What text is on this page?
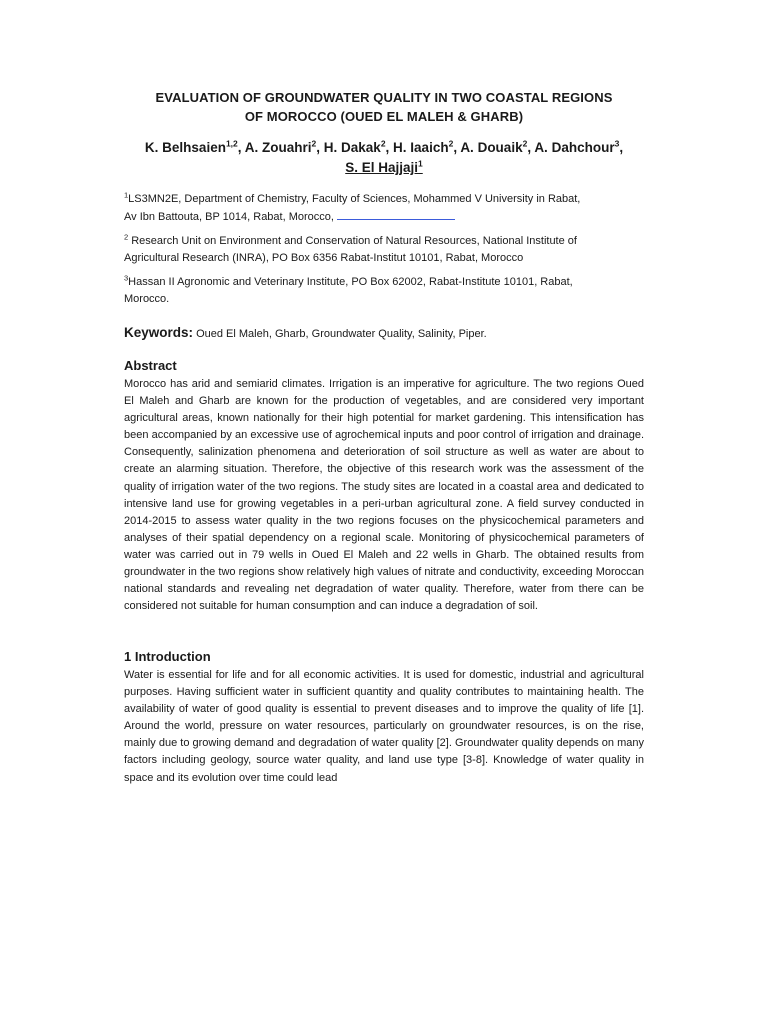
EVALUATION OF GROUNDWATER QUALITY IN TWO COASTAL REGIONS
OF MOROCCO (OUED EL MALEH & GHARB)
K. Belhsaien$^{1,2}$, A. Zouahri$^2$, H. Dakak$^2$, H. Iaaich$^2$, A. Douaik$^2$, A. Dahchour$^3$,
S. El Hajjaji$^1$
$^1$LS3MN2E, Department of Chemistry, Faculty of Sciences, Mohammed V University in Rabat,
Av Ibn Battouta, BP 1014, Rabat, Morocco,
$^2$ Research Unit on Environment and Conservation of Natural Resources, National Institute of
Agricultural Research (INRA), PO Box 6356 Rabat-Institut 10101, Rabat, Morocco
$^3$Hassan II Agronomic and Veterinary Institute, PO Box 62002, Rabat-Institute 10101, Rabat,
Morocco.
Keywords: Oued El Maleh, Gharb, Groundwater Quality, Salinity, Piper.
Abstract
Morocco has arid and semiarid climates. Irrigation is an imperative for agriculture. The two regions Oued El Maleh and Gharb are known for the production of vegetables, and are considered very important agricultural areas, known nationally for their high potential for market gardening. This intensification has been accompanied by an excessive use of agrochemical inputs and poor control of irrigation and drainage. Consequently, salinization phenomena and deterioration of soil structure as well as water are about to create an alarming situation. Therefore, the objective of this research work was the assessment of the quality of irrigation water of the two regions. The study sites are located in a coastal area and dedicated to intensive land use for growing vegetables in a peri-urban agricultural zone. A field survey conducted in 2014-2015 to assess water quality in the two regions focuses on the physicochemical parameters and analyses of their spatial dependency on a regional scale. Monitoring of physicochemical parameters of water was carried out in 79 wells in Oued El Maleh and 22 wells in Gharb. The obtained results from groundwater in the two regions show relatively high values of nitrate and conductivity, exceeding Moroccan national standards and revealing net degradation of water quality. Therefore, water from there can be considered not suitable for human consumption and can induce a degradation of soil.
1 Introduction
Water is essential for life and for all economic activities. It is used for domestic, industrial and agricultural purposes. Having sufficient water in sufficient quantity and quality contributes to maintaining health. The availability of water of good quality is essential to prevent diseases and to improve the quality of life [1]. Around the world, pressure on water resources, particularly on groundwater resources, is on the rise, mainly due to growing demand and degradation of water quality [2]. Groundwater quality depends on many factors including geology, source water quality, and land use type [3-8]. Knowledge of water quality in space and its evolution over time could lead
